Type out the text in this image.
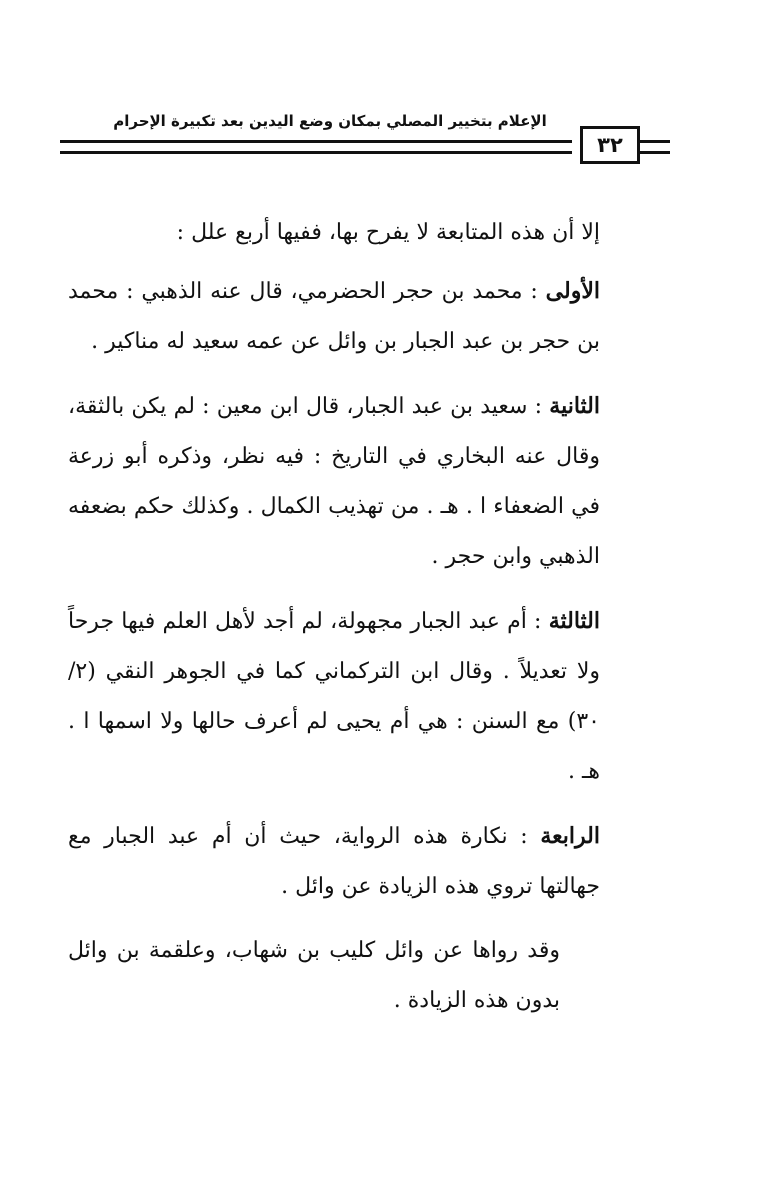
الإعلام بتخيير المصلي بمكان وضع اليدين بعد تكبيرة الإحرام
٣٢

إلا أن هذه المتابعة لا يفرح بها، ففيها أربع علل :

الأولى : محمد بن حجر الحضرمي، قال عنه الذهبي : محمد بن حجر بن عبد الجبار بن وائل عن عمه سعيد له مناكير .

الثانية : سعيد بن عبد الجبار، قال ابن معين : لم يكن بالثقة، وقال عنه البخاري في التاريخ : فيه نظر، وذكره أبو زرعة في الضعفاء ا . هـ . من تهذيب الكمال . وكذلك حكم بضعفه الذهبي وابن حجر .

الثالثة : أم عبد الجبار مجهولة، لم أجد لأهل العلم فيها جرحاً ولا تعديلاً . وقال ابن التركماني كما في الجوهر النقي (٢/ ٣٠) مع السنن : هي أم يحيى لم أعرف حالها ولا اسمها ا . هـ .

الرابعة : نكارة هذه الرواية، حيث أن أم عبد الجبار مع جهالتها تروي هذه الزيادة عن وائل .

وقد رواها عن وائل كليب بن شهاب، وعلقمة بن وائل بدون هذه الزيادة .
